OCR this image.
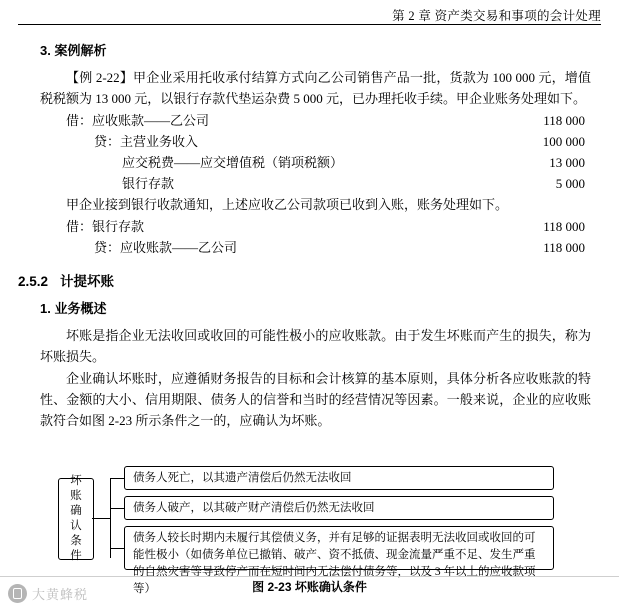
第 2 章 资产类交易和事项的会计处理
3. 案例解析

【例 2-22】甲企业采用托收承付结算方式向乙公司销售产品一批，货款为 100 000 元，增值税税额为 13 000 元，以银行存款代垫运杂费 5 000 元，已办理托收手续。甲企业账务处理如下。

借：应收账款——乙公司	118 000
贷：主营业务收入	100 000
应交税费——应交增值税（销项税额）	13 000
银行存款	5 000

甲企业接到银行收款通知，上述应收乙公司款项已收到入账，账务处理如下。

借：银行存款	118 000
贷：应收账款——乙公司	118 000
2.5.2 计提坏账
1. 业务概述

坏账是指企业无法收回或收回的可能性极小的应收账款。由于发生坏账而产生的损失，称为坏账损失。

企业确认坏账时，应遵循财务报告的目标和会计核算的基本原则，具体分析各应收账款的特性、金额的大小、信用期限、债务人的信誉和当时的经营情况等因素。一般来说，企业的应收账款符合如图 2-23 所示条件之一的，应确认为坏账。

坏账确认条件
债务人死亡，以其遗产清偿后仍然无法收回
债务人破产，以其破产财产清偿后仍然无法收回
债务人较长时期内未履行其偿债义务，并有足够的证据表明无法收回或收回的可能性极小（如债务单位已撤销、破产、资不抵债、现金流量严重不足、发生严重的自然灾害等导致停产而在短时间内无法偿付债务等，以及 3 年以上的应收款项等）	图 2-23 坏账确认条件
大黄蜂税
